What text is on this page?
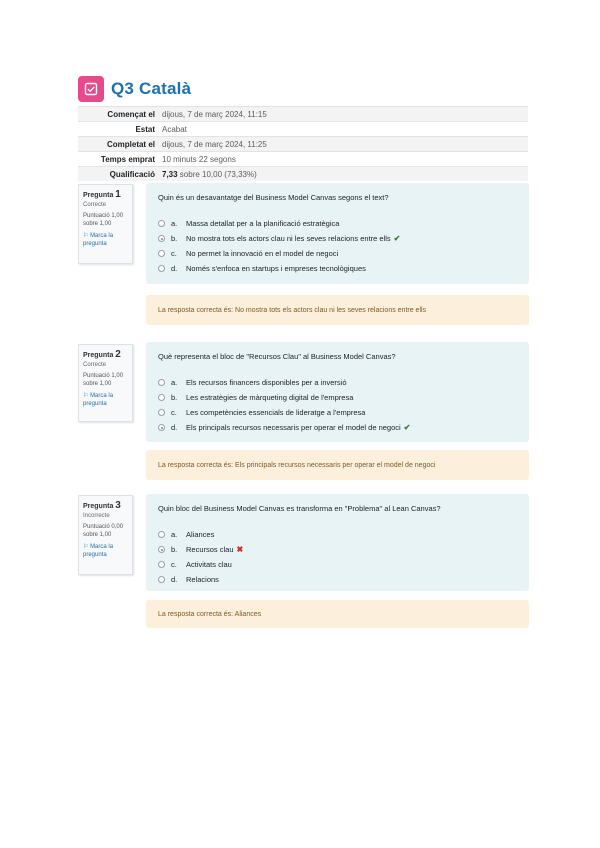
Q3 Català
Començat el	dijous, 7 de març 2024, 11:15
Estat	Acabat
Completat el	dijous, 7 de març 2024, 11:25
Temps emprat	10 minuts 22 segons
Qualificació	7,33 sobre 10,00 (73,33%)
Pregunta 1
Correcte
Puntuació 1,00 sobre 1,00
⚐ Marca la pregunta
Quin és un desavantatge del Business Model Canvas segons el text?
a.	Massa detallat per a la planificació estratègica
b.	No mostra tots els actors clau ni les seves relacions entre ells ✔
c.	No permet la innovació en el model de negoci
d.	Només s'enfoca en startups i empreses tecnològiques
La resposta correcta és: No mostra tots els actors clau ni les seves relacions entre ells
Pregunta 2
Correcte
Puntuació 1,00 sobre 1,00
⚐ Marca la pregunta
Què representa el bloc de "Recursos Clau" al Business Model Canvas?
a.	Els recursos financers disponibles per a inversió
b.	Les estratègies de màrqueting digital de l'empresa
c.	Les competències essencials de lideratge a l'empresa
d.	Els principals recursos necessaris per operar el model de negoci ✔
La resposta correcta és: Els principals recursos necessaris per operar el model de negoci
Pregunta 3
Incorrecte
Puntuació 0,00 sobre 1,00
⚐ Marca la pregunta
Quin bloc del Business Model Canvas es transforma en "Problema" al Lean Canvas?
a.	Aliances
b.	Recursos clau ✖
c.	Activitats clau
d.	Relacions
La resposta correcta és: Aliances
